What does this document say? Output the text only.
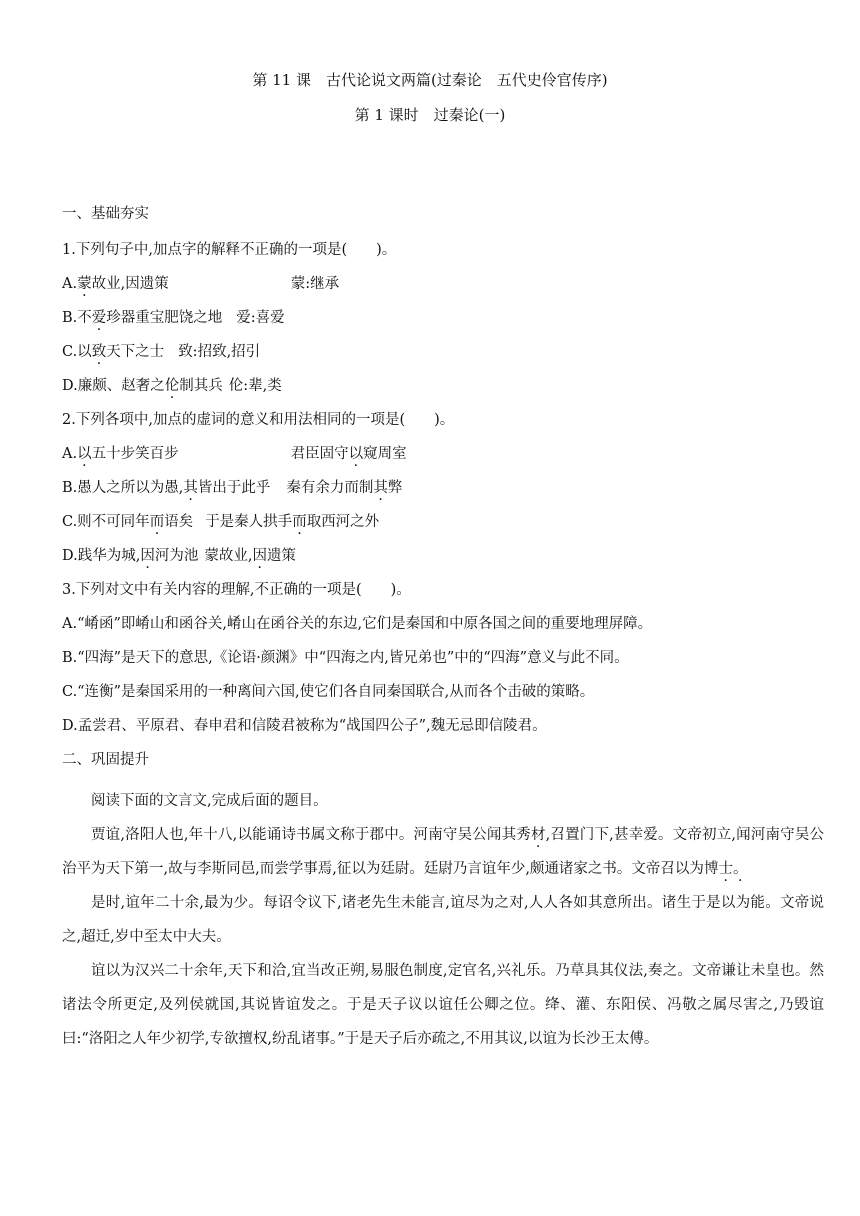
第 11 课　古代论说文两篇(过秦论　五代史伶官传序)
第 1 课时　过秦论(一)
一、基础夯实
1.下列句子中,加点字的解释不正确的一项是(　　)。
A.蒙故业,因遗策	蒙:继承
B.不爱珍器重宝肥饶之地 爱:喜爱
C.以致天下之士 致:招致,招引
D.廉颇、赵奢之伦制其兵 伦:辈,类
2.下列各项中,加点的虚词的意义和用法相同的一项是(　　)。
A.以五十步笑百步	君臣固守以窥周室
B.愚人之所以为愚,其皆出于此乎 秦有余力而制其弊
C.则不可同年而语矣 于是秦人拱手而取西河之外
D.践华为城,因河为池 蒙故业,因遗策
3.下列对文中有关内容的理解,不正确的一项是(　　)。
A.“崤函”即崤山和函谷关,崤山在函谷关的东边,它们是秦国和中原各国之间的重要地理屏障。
B.“四海”是天下的意思,《论语·颜渊》中“四海之内,皆兄弟也”中的“四海”意义与此不同。
C.“连衡”是秦国采用的一种离间六国,使它们各自同秦国联合,从而各个击破的策略。
D.孟尝君、平原君、春申君和信陵君被称为“战国四公子”,魏无忌即信陵君。
二、巩固提升

阅读下面的文言文,完成后面的题目。

贾谊,洛阳人也,年十八,以能诵诗书属文称于郡中。河南守吴公闻其秀材,召置门下,甚幸爱。文帝初立,闻河南守吴公治平为天下第一,故与李斯同邑,而尝学事焉,征以为廷尉。廷尉乃言谊年少,颇通诸家之书。文帝召以为博士。

是时,谊年二十余,最为少。每诏令议下,诸老先生未能言,谊尽为之对,人人各如其意所出。诸生于是以为能。文帝说之,超迁,岁中至太中大夫。

谊以为汉兴二十余年,天下和洽,宜当改正朔,易服色制度,定官名,兴礼乐。乃草具其仪法,奏之。文帝谦让未皇也。然诸法令所更定,及列侯就国,其说皆谊发之。于是天子议以谊任公卿之位。绛、灌、东阳侯、冯敬之属尽害之,乃毁谊曰:“洛阳之人年少初学,专欲擅权,纷乱诸事。”于是天子后亦疏之,不用其议,以谊为长沙王太傅。
